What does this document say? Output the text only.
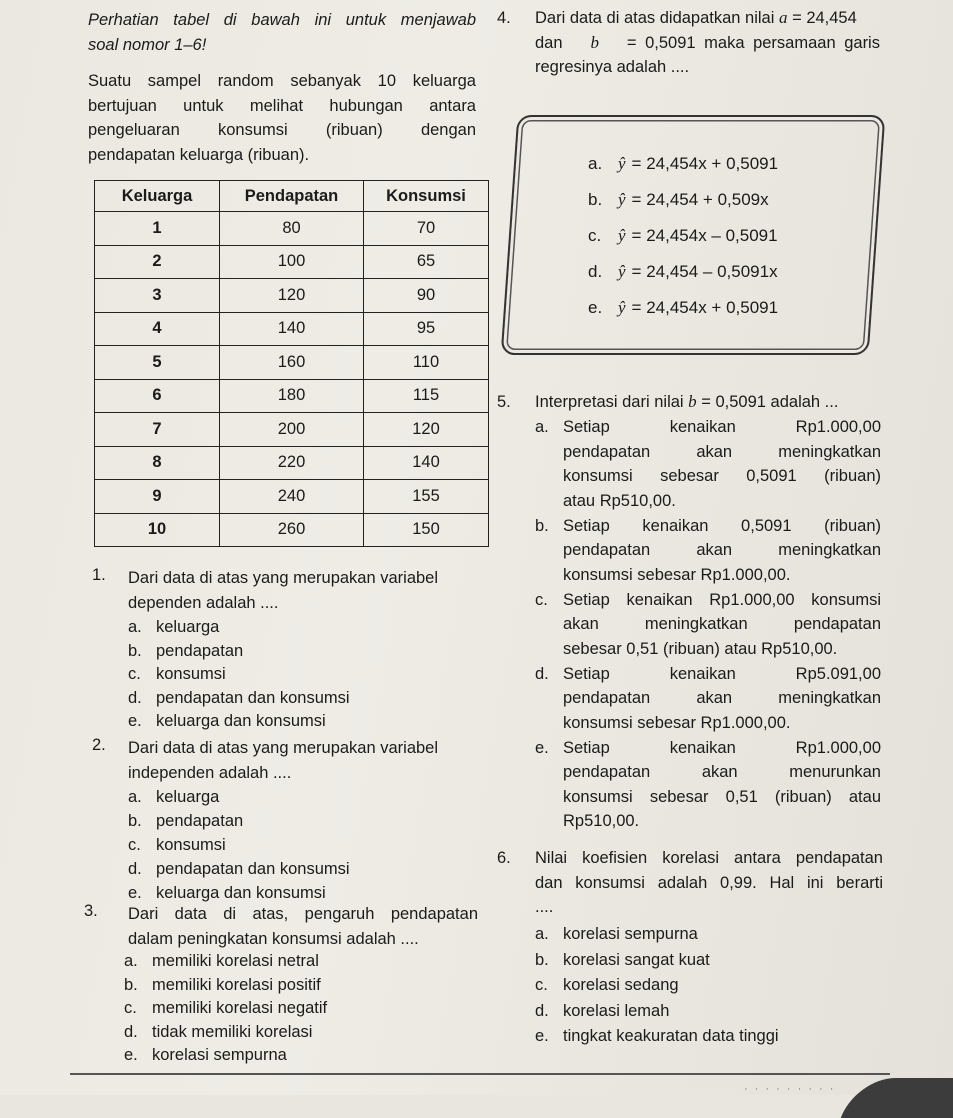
Perhatian tabel di bawah ini untuk menjawab

soal nomor 1–6!

Suatu sampel random sebanyak 10 keluarga

bertujuan untuk melihat hubungan antara

pengeluaran konsumsi (ribuan) dengan

pendapatan keluarga (ribuan).

Keluarga	Pendapatan	Konsumsi
1	80	70
2	100	65
3	120	90
4	140	95
5	160	110
6	180	115
7	200	120
8	220	140
9	240	155
10	260	150
1. Dari data di atas yang merupakan variabel

dependen adalah ....

a. keluarga
b. pendapatan
c. konsumsi
d. pendapatan dan konsumsi
e. keluarga dan konsumsi
2. Dari data di atas yang merupakan variabel

independen adalah ....

a. keluarga
b. pendapatan
c. konsumsi
d. pendapatan dan konsumsi
e. keluarga dan konsumsi
3. Dari data di atas, pengaruh pendapatan

dalam peningkatan konsumsi adalah ....

a. memiliki korelasi netral
b. memiliki korelasi positif
c. memiliki korelasi negatif
d. tidak memiliki korelasi
e. korelasi sempurna
4. Dari data di atas didapatkan nilai a = 24,454

dan b = 0,5091 maka persamaan garis

regresinya adalah ....

a. ŷ = 24,454x + 0,5091
b. ŷ = 24,454 + 0,509x
c. ŷ = 24,454x – 0,5091
d. ŷ = 24,454 – 0,5091x
e. ŷ = 24,454x + 0,5091
5. Interpretasi dari nilai b = 0,5091 adalah ...

a. Setiap kenaikan Rp1.000,00

pendapatan akan meningkatkan

konsumsi sebesar 0,5091 (ribuan)

atau Rp510,00.

b. Setiap kenaikan 0,5091 (ribuan)

pendapatan akan meningkatkan

konsumsi sebesar Rp1.000,00.

c. Setiap kenaikan Rp1.000,00 konsumsi

akan meningkatkan pendapatan

sebesar 0,51 (ribuan) atau Rp510,00.

d. Setiap kenaikan Rp5.091,00

pendapatan akan meningkatkan

konsumsi sebesar Rp1.000,00.

e. Setiap kenaikan Rp1.000,00

pendapatan akan menurunkan

konsumsi sebesar 0,51 (ribuan) atau

Rp510,00.

6. Nilai koefisien korelasi antara pendapatan

dan konsumsi adalah 0,99. Hal ini berarti

....

a. korelasi sempurna
b. korelasi sangat kuat
c. korelasi sedang
d. korelasi lemah
e. tingkat keakuratan data tinggi
· · · · · · · · ·
